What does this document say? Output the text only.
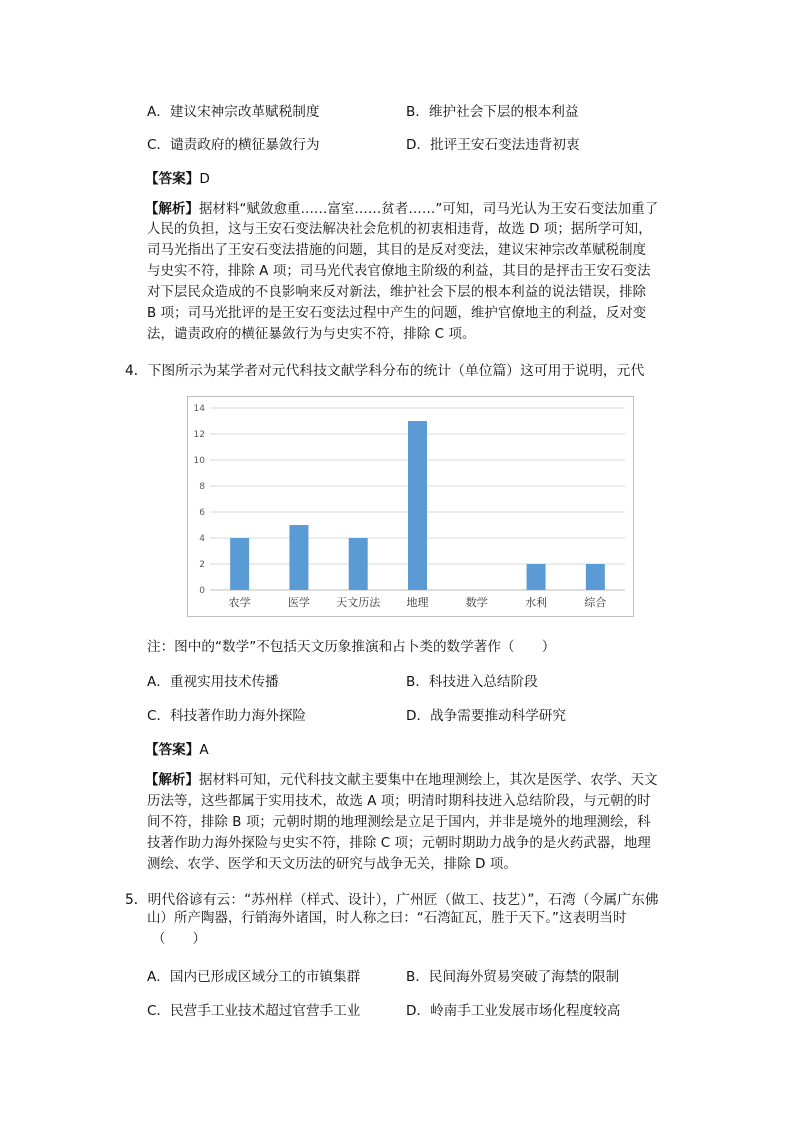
A．建议宋神宗改革赋税制度	B．维护社会下层的根本利益
C．谴责政府的横征暴敛行为	D．批评王安石变法违背初衷
【答案】D
【解析】据材料“赋敛愈重……富室……贫者……”可知，司马光认为王安石变法加重了
人民的负担，这与王安石变法解决社会危机的初衷相违背，故选 D 项；据所学可知，
司马光指出了王安石变法措施的问题，其目的是反对变法，建议宋神宗改革赋税制度
与史实不符，排除 A 项；司马光代表官僚地主阶级的利益，其目的是抨击王安石变法
对下层民众造成的不良影响来反对新法，维护社会下层的根本利益的说法错误，排除
B 项；司马光批评的是王安石变法过程中产生的问题，维护官僚地主的利益，反对变
法，谴责政府的横征暴敛行为与史实不符，排除 C 项。
4．下图所示为某学者对元代科技文献学科分布的统计（单位篇）这可用于说明，元代
0
2
4
6
8
10
12
14
农学	医学 天文历法 地理	数学	水利	综合
注：图中的“数学”不包括天文历象推演和占卜类的数学著作（　　）
A．重视实用技术传播	B．科技进入总结阶段
C．科技著作助力海外探险	D．战争需要推动科学研究
【答案】A
【解析】据材料可知，元代科技文献主要集中在地理测绘上，其次是医学、农学、天文
历法等，这些都属于实用技术，故选 A 项；明清时期科技进入总结阶段，与元朝的时
间不符，排除 B 项；元朝时期的地理测绘是立足于国内，并非是境外的地理测绘，科
技著作助力海外探险与史实不符，排除 C 项；元朝时期助力战争的是火药武器，地理
测绘、农学、医学和天文历法的研究与战争无关，排除 D 项。
5．明代俗谚有云：“苏州样（样式、设计），广州匠（做工、技艺）”，石湾（今属广东佛
山）所产陶器，行销海外诸国，时人称之曰：“石湾缸瓦，胜于天下。”这表明当时
（　　）
A．国内已形成区域分工的市镇集群	B．民间海外贸易突破了海禁的限制
C．民营手工业技术超过官营手工业	D．岭南手工业发展市场化程度较高
